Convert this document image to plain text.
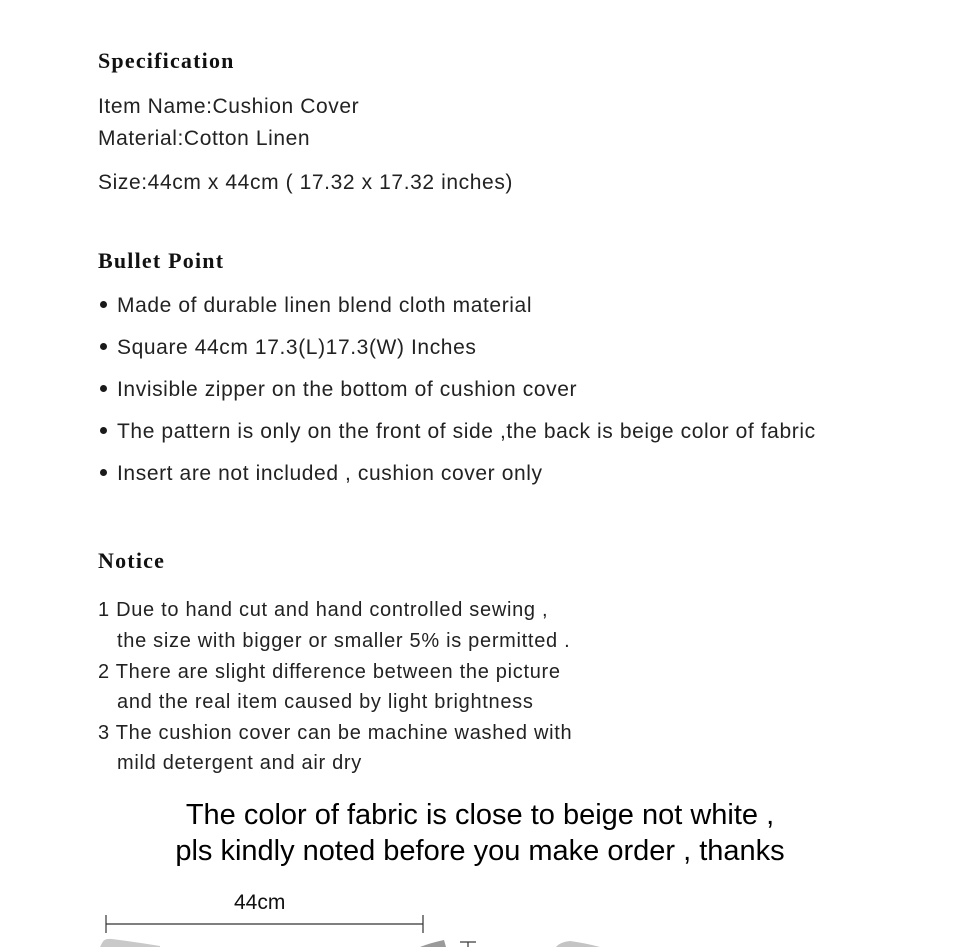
Specification

Item Name:Cushion Cover

Material:Cotton Linen

Size:44cm x 44cm ( 17.32 x 17.32 inches)

Bullet Point
Made of durable linen blend cloth material
Square 44cm 17.3(L)17.3(W) Inches
Invisible zipper on the bottom of cushion cover
The pattern is only on the front of side ,the back is beige color of fabric
Insert are not included , cushion cover only
Notice
1 Due to hand cut and hand controlled sewing ,
the size with bigger or smaller 5% is permitted .
2 There are slight difference between the picture
and the real item caused by light brightness
3 The cushion cover can be machine washed with
mild detergent and air dry
The color of fabric is close to beige not white ,
pls kindly noted before you make order , thanks
44cm
